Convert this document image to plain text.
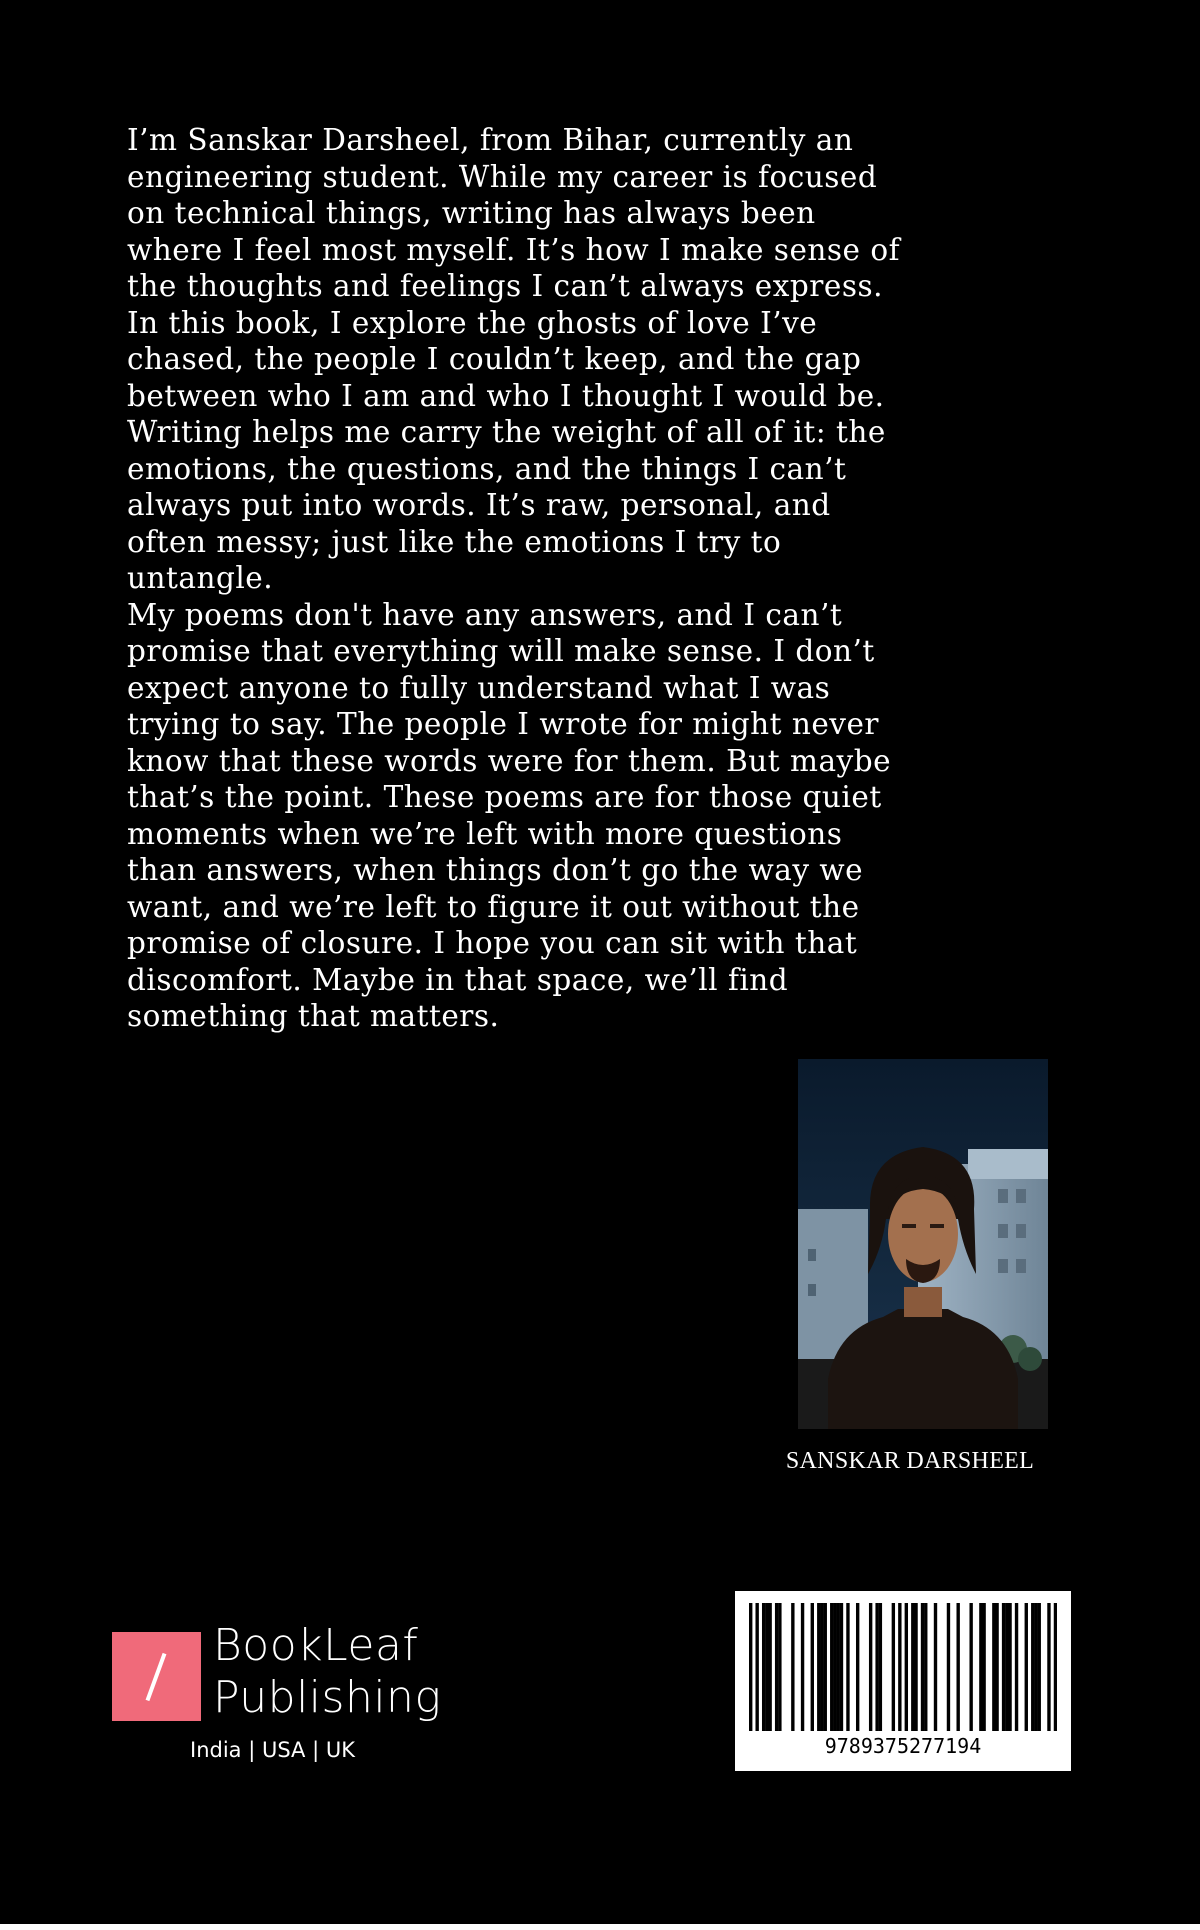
I’m Sanskar Darsheel, from Bihar, currently an
engineering student. While my career is focused
on technical things, writing has always been
where I feel most myself. It’s how I make sense of
the thoughts and feelings I can’t always express.
In this book, I explore the ghosts of love I’ve
chased, the people I couldn’t keep, and the gap
between who I am and who I thought I would be.
Writing helps me carry the weight of all of it: the
emotions, the questions, and the things I can’t
always put into words. It’s raw, personal, and
often messy; just like the emotions I try to
untangle.

My poems don't have any answers, and I can’t
promise that everything will make sense. I don’t
expect anyone to fully understand what I was
trying to say. The people I wrote for might never
know that these words were for them. But maybe
that’s the point. These poems are for those quiet
moments when we’re left with more questions
than answers, when things don’t go the way we
want, and we’re left to figure it out without the
promise of closure. I hope you can sit with that
discomfort. Maybe in that space, we’ll find
something that matters.

SANSKAR DARSHEEL
BookLeaf
Publishing
India | USA | UK	9789375277194
